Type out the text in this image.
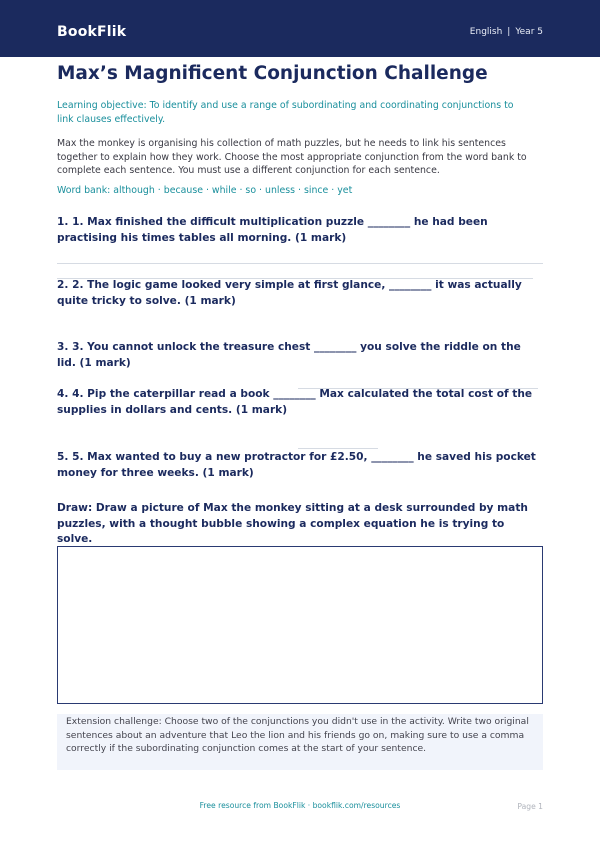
BookFlik	English | Year 5
Max’s Magnificent Conjunction Challenge

Learning objective: To identify and use a range of subordinating and coordinating conjunctions to link clauses effectively.

Max the monkey is organising his collection of math puzzles, but he needs to link his sentences together to explain how they work. Choose the most appropriate conjunction from the word bank to complete each sentence. You must use a different conjunction for each sentence.

Word bank: although · because · while · so · unless · since · yet

1. 1. Max finished the difficult multiplication puzzle ________ he had been practising his times tables all morning. (1 mark)

2. 2. The logic game looked very simple at first glance, ________ it was actually quite tricky to solve. (1 mark)

3. 3. You cannot unlock the treasure chest ________ you solve the riddle on the lid. (1 mark)

4. 4. Pip the caterpillar read a book ________ Max calculated the total cost of the supplies in dollars and cents. (1 mark)

5. 5. Max wanted to buy a new protractor for £2.50, ________ he saved his pocket money for three weeks. (1 mark)

Draw: Draw a picture of Max the monkey sitting at a desk surrounded by math puzzles, with a thought bubble showing a complex equation he is trying to solve.

Extension challenge: Choose two of the conjunctions you didn't use in the activity. Write two original sentences about an adventure that Leo the lion and his friends go on, making sure to use a comma correctly if the subordinating conjunction comes at the start of your sentence.

Free resource from BookFlik · bookflik.com/resources	Page 1
